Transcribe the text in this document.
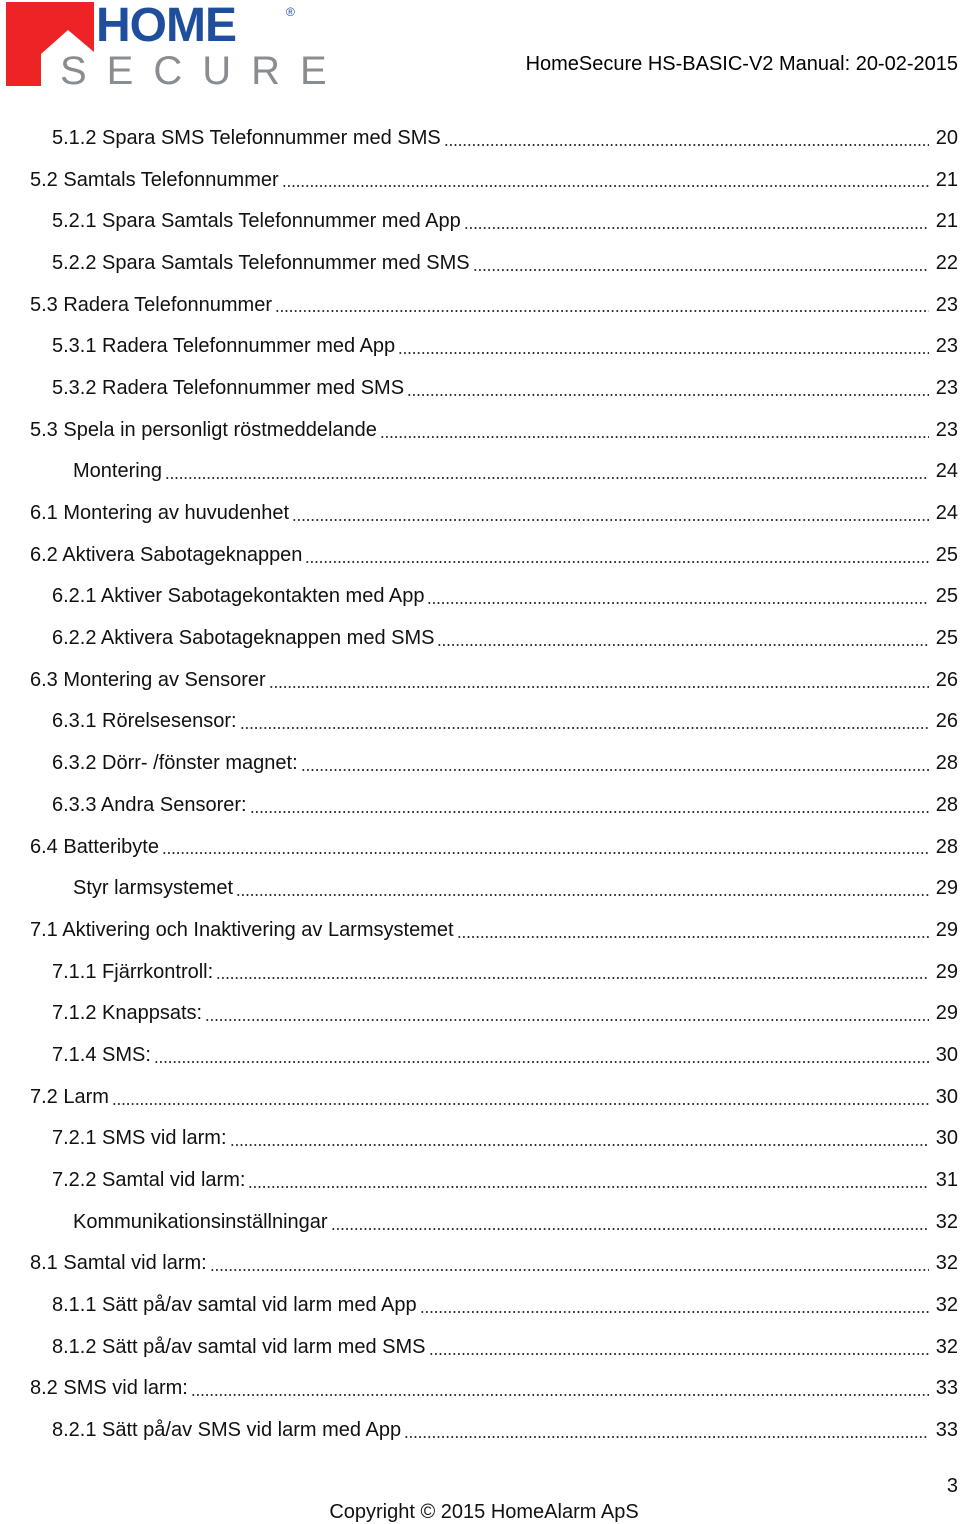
HOME	®
SECURE	HomeSecure HS-BASIC-V2 Manual: 20-02-2015
5.1.2 Spara SMS Telefonnummer med SMS	20
5.2 Samtals Telefonnummer	21
5.2.1 Spara Samtals Telefonnummer med App	21
5.2.2 Spara Samtals Telefonnummer med SMS	22
5.3 Radera Telefonnummer	23
5.3.1 Radera Telefonnummer med App	23
5.3.2 Radera Telefonnummer med SMS	23
5.3 Spela in personligt röstmeddelande	23
Montering	24
6.1 Montering av huvudenhet	24
6.2 Aktivera Sabotageknappen	25
6.2.1 Aktiver Sabotagekontakten med App	25
6.2.2 Aktivera Sabotageknappen med SMS	25
6.3 Montering av Sensorer	26
6.3.1 Rörelsesensor:	26
6.3.2 Dörr- /fönster magnet:	28
6.3.3 Andra Sensorer:	28
6.4 Batteribyte	28
Styr larmsystemet	29
7.1 Aktivering och Inaktivering av Larmsystemet	29
7.1.1 Fjärrkontroll:	29
7.1.2 Knappsats:	29
7.1.4 SMS:	30
7.2 Larm	30
7.2.1 SMS vid larm:	30
7.2.2 Samtal vid larm:	31
Kommunikationsinställningar	32
8.1 Samtal vid larm:	32
8.1.1 Sätt på/av samtal vid larm med App	32
8.1.2 Sätt på/av samtal vid larm med SMS	32
8.2 SMS vid larm:	33
8.2.1 Sätt på/av SMS vid larm med App	33
3
Copyright © 2015 HomeAlarm ApS
